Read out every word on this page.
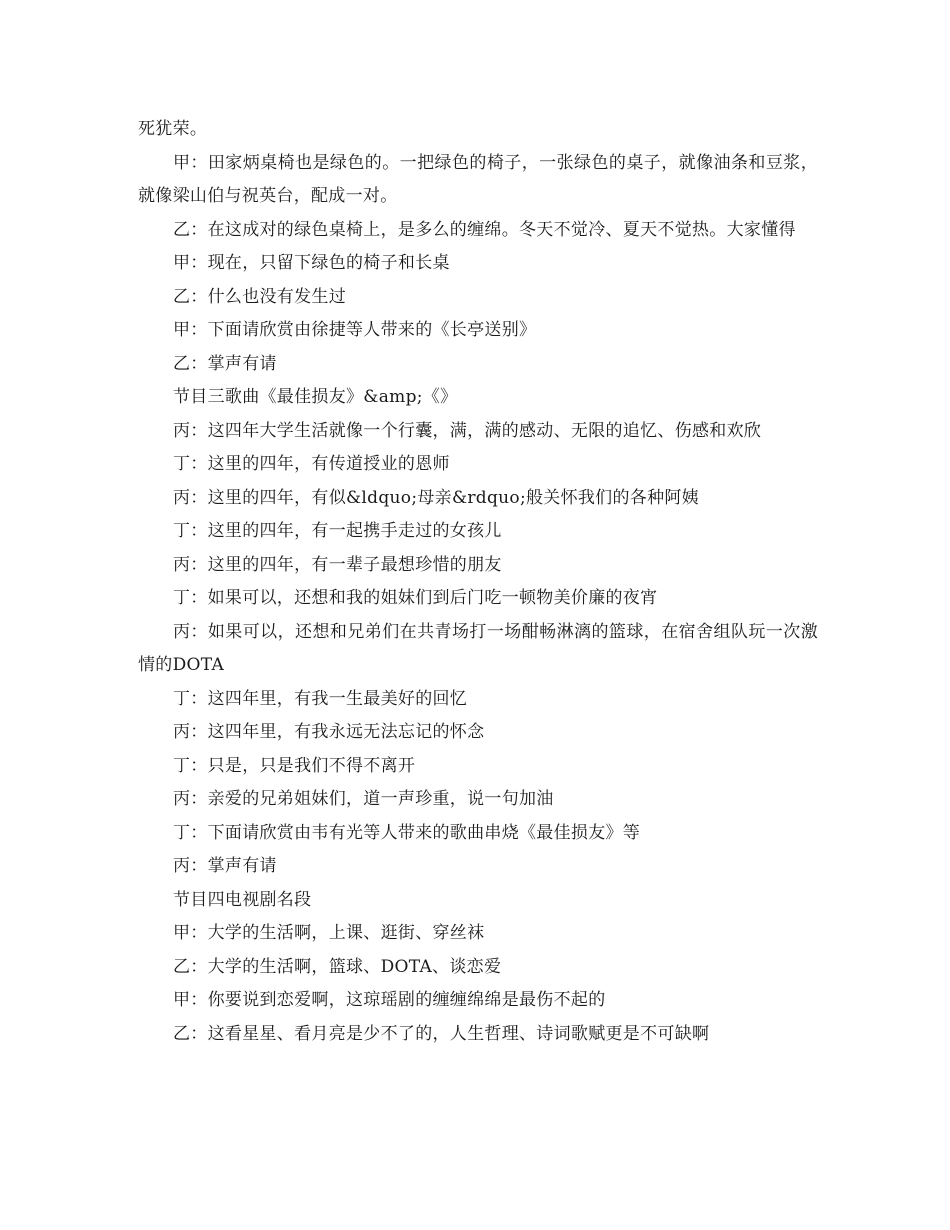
死犹荣。

甲：田家炳桌椅也是绿色的。一把绿色的椅子，一张绿色的桌子，就像油条和豆浆，就像梁山伯与祝英台，配成一对。

乙：在这成对的绿色桌椅上，是多么的缠绵。冬天不觉冷、夏天不觉热。大家懂得

甲：现在，只留下绿色的椅子和长桌

乙：什么也没有发生过

甲：下面请欣赏由徐捷等人带来的《长亭送别》

乙：掌声有请

节目三歌曲《最佳损友》&amp;《》

丙：这四年大学生活就像一个行囊，满，满的感动、无限的追忆、伤感和欢欣

丁：这里的四年，有传道授业的恩师

丙：这里的四年，有似&ldquo;母亲&rdquo;般关怀我们的各种阿姨

丁：这里的四年，有一起携手走过的女孩儿

丙：这里的四年，有一辈子最想珍惜的朋友

丁：如果可以，还想和我的姐妹们到后门吃一顿物美价廉的夜宵

丙：如果可以，还想和兄弟们在共青场打一场酣畅淋漓的篮球，在宿舍组队玩一次激情的DOTA

丁：这四年里，有我一生最美好的回忆

丙：这四年里，有我永远无法忘记的怀念

丁：只是，只是我们不得不离开

丙：亲爱的兄弟姐妹们，道一声珍重，说一句加油

丁：下面请欣赏由韦有光等人带来的歌曲串烧《最佳损友》等

丙：掌声有请

节目四电视剧名段

甲：大学的生活啊，上课、逛街、穿丝袜

乙：大学的生活啊，篮球、DOTA、谈恋爱

甲：你要说到恋爱啊，这琼瑶剧的缠缠绵绵是最伤不起的

乙：这看星星、看月亮是少不了的，人生哲理、诗词歌赋更是不可缺啊
